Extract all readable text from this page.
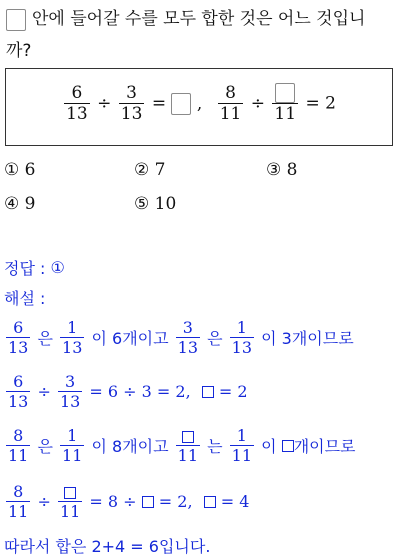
안에 들어갈 수를 모두 합한 것은 어느 것입니
까?
$\frac{6}{13} \div \frac{3}{13}$ = , $\frac{8}{11}$ ÷
11
= 2
① 6	② 7	③ 8
④ 9	⑤ 10
정답 : ①
해설 :
$\frac{6}{13}$ 은 $\frac{1}{13}$ 이 6개이고 $\frac{3}{13}$ 은 $\frac{1}{13}$ 이 3개이므로
$\frac{6}{13} \div \frac{3}{13} = 6 \div 3 = 2$, = 2
$\frac{8}{11}$ 은 $\frac{1}{11}$ 이 8개이고 11 는 $\frac{1}{11}$ 이 개이므로
$\frac{8}{11}$ ÷
11
= 8 ÷ = 2, = 4
따라서 합은 2+4 = 6입니다.
